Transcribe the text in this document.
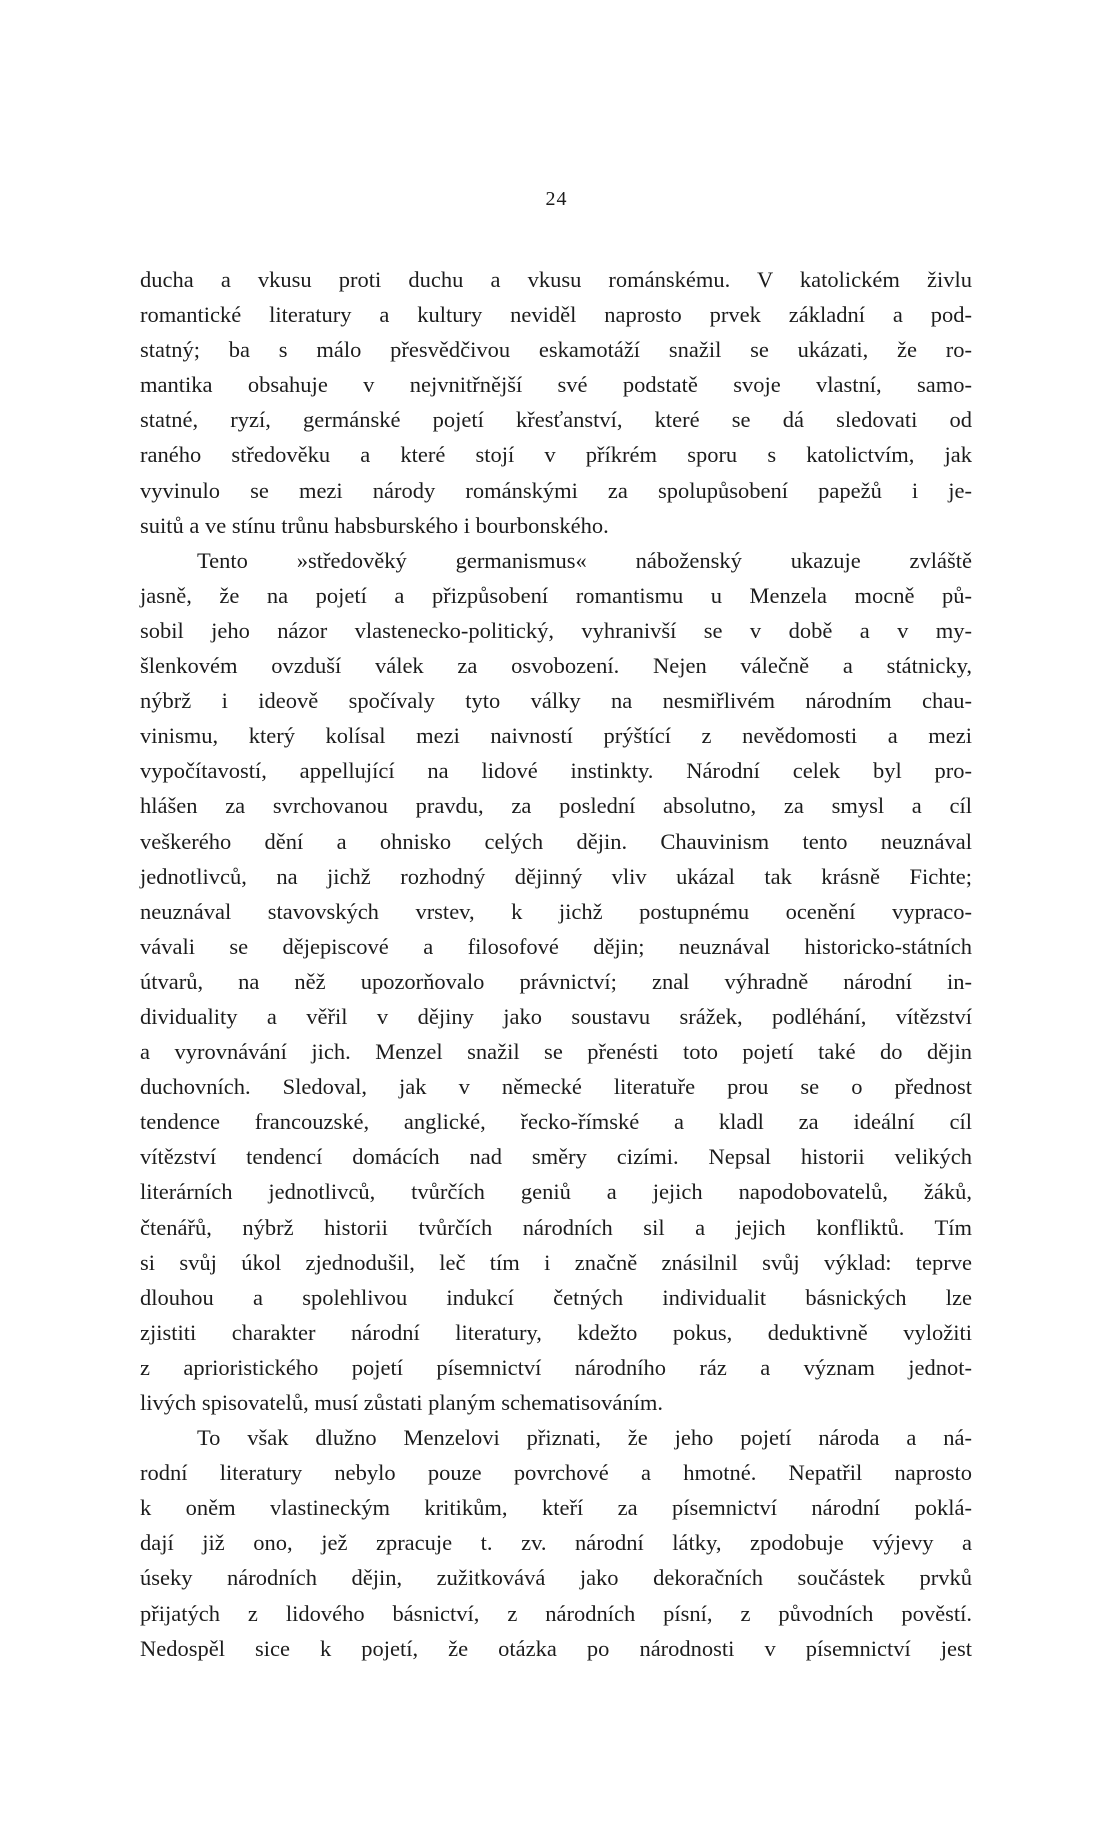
24
ducha a vkusu proti duchu a vkusu románskému. V katolickém živlu
romantické literatury a kultury neviděl naprosto prvek základní a pod-
statný; ba s málo přesvědčivou eskamotáží snažil se ukázati, že ro-
mantika obsahuje v nejvnitřnější své podstatě svoje vlastní, samo-
statné, ryzí, germánské pojetí křesťanství, které se dá sledovati od
raného středověku a které stojí v příkrém sporu s katolictvím, jak
vyvinulo se mezi národy románskými za spolupůsobení papežů i je-
suitů a ve stínu trůnu habsburského i bourbonského.
Tento »středověký germanismus« náboženský ukazuje zvláště
jasně, že na pojetí a přizpůsobení romantismu u Menzela mocně pů-
sobil jeho názor vlastenecko-politický, vyhranivší se v době a v my-
šlenkovém ovzduší válek za osvobození. Nejen válečně a státnicky,
nýbrž i ideově spočívaly tyto války na nesmiřlivém národním chau-
vinismu, který kolísal mezi naivností prýštící z nevědomosti a mezi
vypočítavostí, appellující na lidové instinkty. Národní celek byl pro-
hlášen za svrchovanou pravdu, za poslední absolutno, za smysl a cíl
veškerého dění a ohnisko celých dějin. Chauvinism tento neuznával
jednotlivců, na jichž rozhodný dějinný vliv ukázal tak krásně Fichte;
neuznával stavovských vrstev, k jichž postupnému ocenění vypraco-
vávali se dějepiscové a filosofové dějin; neuznával historicko-státních
útvarů, na něž upozorňovalo právnictví; znal výhradně národní in-
dividuality a věřil v dějiny jako soustavu srážek, podléhání, vítězství
a vyrovnávání jich. Menzel snažil se přenésti toto pojetí také do dějin
duchovních. Sledoval, jak v německé literatuře prou se o přednost
tendence francouzské, anglické, řecko-římské a kladl za ideální cíl
vítězství tendencí domácích nad směry cizími. Nepsal historii velikých
literárních jednotlivců, tvůrčích geniů a jejich napodobovatelů, žáků,
čtenářů, nýbrž historii tvůrčích národních sil a jejich konfliktů. Tím
si svůj úkol zjednodušil, leč tím i značně znásilnil svůj výklad: teprve
dlouhou a spolehlivou indukcí četných individualit básnických lze
zjistiti charakter národní literatury, kdežto pokus, deduktivně vyložiti
z aprioristického pojetí písemnictví národního ráz a význam jednot-
livých spisovatelů, musí zůstati planým schematisováním.
To však dlužno Menzelovi přiznati, že jeho pojetí národa a ná-
rodní literatury nebylo pouze povrchové a hmotné. Nepatřil naprosto
k oněm vlastineckým kritikům, kteří za písemnictví národní poklá-
dají již ono, jež zpracuje t. zv. národní látky, zpodobuje výjevy a
úseky národních dějin, zužitkovává jako dekoračních součástek prvků
přijatých z lidového básnictví, z národních písní, z původních pověstí.
Nedospěl sice k pojetí, že otázka po národnosti v písemnictví jest
